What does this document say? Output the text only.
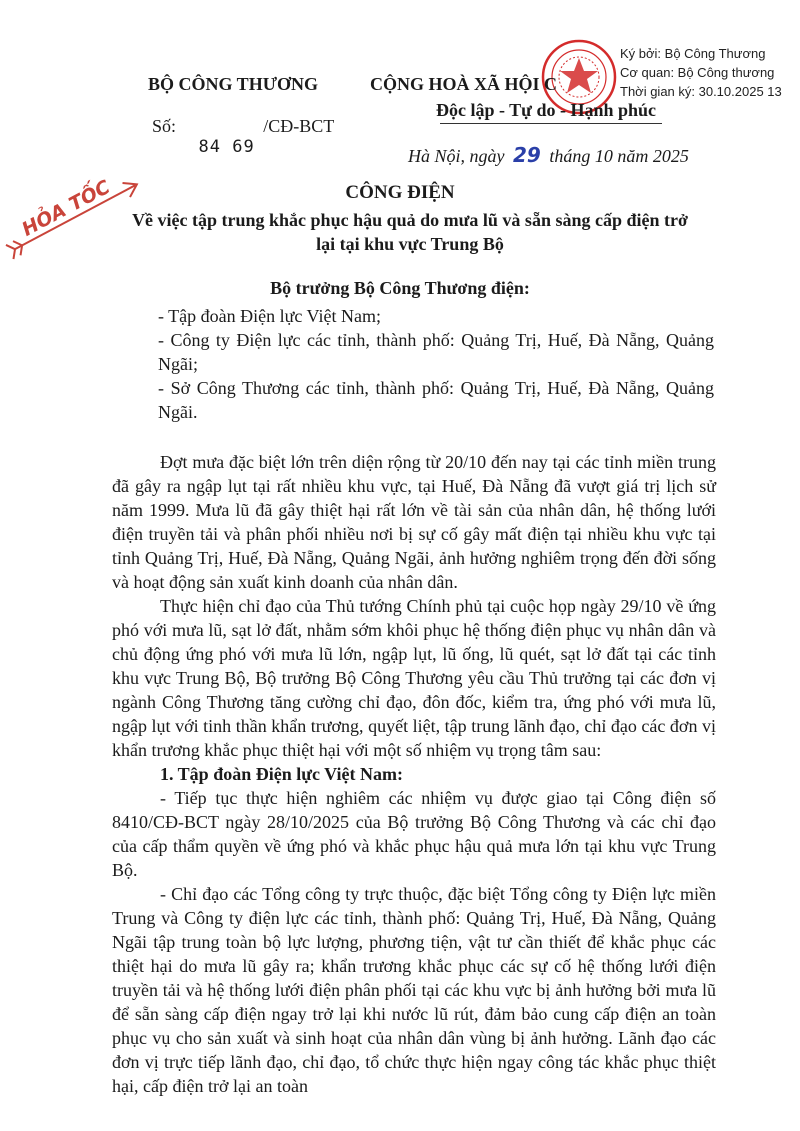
HỎA TỐC
Ký bởi: Bộ Công Thương
Cơ quan: Bộ Công thương
Thời gian ký: 30.10.2025 13
BỘ CÔNG THƯƠNG
Số: 84 69 /CĐ-BCT
CỘNG HOÀ XÃ HỘI C
Độc lập - Tự do - Hạnh phúc
Hà Nội, ngày 29 tháng 10 năm 2025
CÔNG ĐIỆN
Về việc tập trung khắc phục hậu quả do mưa lũ và sẵn sàng cấp điện trở lại tại khu vực Trung Bộ
Bộ trưởng Bộ Công Thương điện:

- Tập đoàn Điện lực Việt Nam;

- Công ty Điện lực các tỉnh, thành phố: Quảng Trị, Huế, Đà Nẵng, Quảng Ngãi;

- Sở Công Thương các tỉnh, thành phố: Quảng Trị, Huế, Đà Nẵng, Quảng Ngãi.

Đợt mưa đặc biệt lớn trên diện rộng từ 20/10 đến nay tại các tỉnh miền trung đã gây ra ngập lụt tại rất nhiều khu vực, tại Huế, Đà Nẵng đã vượt giá trị lịch sử năm 1999. Mưa lũ đã gây thiệt hại rất lớn về tài sản của nhân dân, hệ thống lưới điện truyền tải và phân phối nhiều nơi bị sự cố gây mất điện tại nhiều khu vực tại tỉnh Quảng Trị, Huế, Đà Nẵng, Quảng Ngãi, ảnh hưởng nghiêm trọng đến đời sống và hoạt động sản xuất kinh doanh của nhân dân.

Thực hiện chỉ đạo của Thủ tướng Chính phủ tại cuộc họp ngày 29/10 về ứng phó với mưa lũ, sạt lở đất, nhằm sớm khôi phục hệ thống điện phục vụ nhân dân và chủ động ứng phó với mưa lũ lớn, ngập lụt, lũ ống, lũ quét, sạt lở đất tại các tỉnh khu vực Trung Bộ, Bộ trưởng Bộ Công Thương yêu cầu Thủ trưởng tại các đơn vị ngành Công Thương tăng cường chỉ đạo, đôn đốc, kiểm tra, ứng phó với mưa lũ, ngập lụt với tinh thần khẩn trương, quyết liệt, tập trung lãnh đạo, chỉ đạo các đơn vị khẩn trương khắc phục thiệt hại với một số nhiệm vụ trọng tâm sau:

1. Tập đoàn Điện lực Việt Nam:

- Tiếp tục thực hiện nghiêm các nhiệm vụ được giao tại Công điện số 8410/CĐ-BCT ngày 28/10/2025 của Bộ trưởng Bộ Công Thương và các chỉ đạo của cấp thẩm quyền về ứng phó và khắc phục hậu quả mưa lớn tại khu vực Trung Bộ.

- Chỉ đạo các Tổng công ty trực thuộc, đặc biệt Tổng công ty Điện lực miền Trung và Công ty điện lực các tỉnh, thành phố: Quảng Trị, Huế, Đà Nẵng, Quảng Ngãi tập trung toàn bộ lực lượng, phương tiện, vật tư cần thiết để khắc phục các thiệt hại do mưa lũ gây ra; khẩn trương khắc phục các sự cố hệ thống lưới điện truyền tải và hệ thống lưới điện phân phối tại các khu vực bị ảnh hưởng bởi mưa lũ để sẵn sàng cấp điện ngay trở lại khi nước lũ rút, đảm bảo cung cấp điện an toàn phục vụ cho sản xuất và sinh hoạt của nhân dân vùng bị ảnh hưởng. Lãnh đạo các đơn vị trực tiếp lãnh đạo, chỉ đạo, tổ chức thực hiện ngay công tác khắc phục thiệt hại, cấp điện trở lại an toàn
